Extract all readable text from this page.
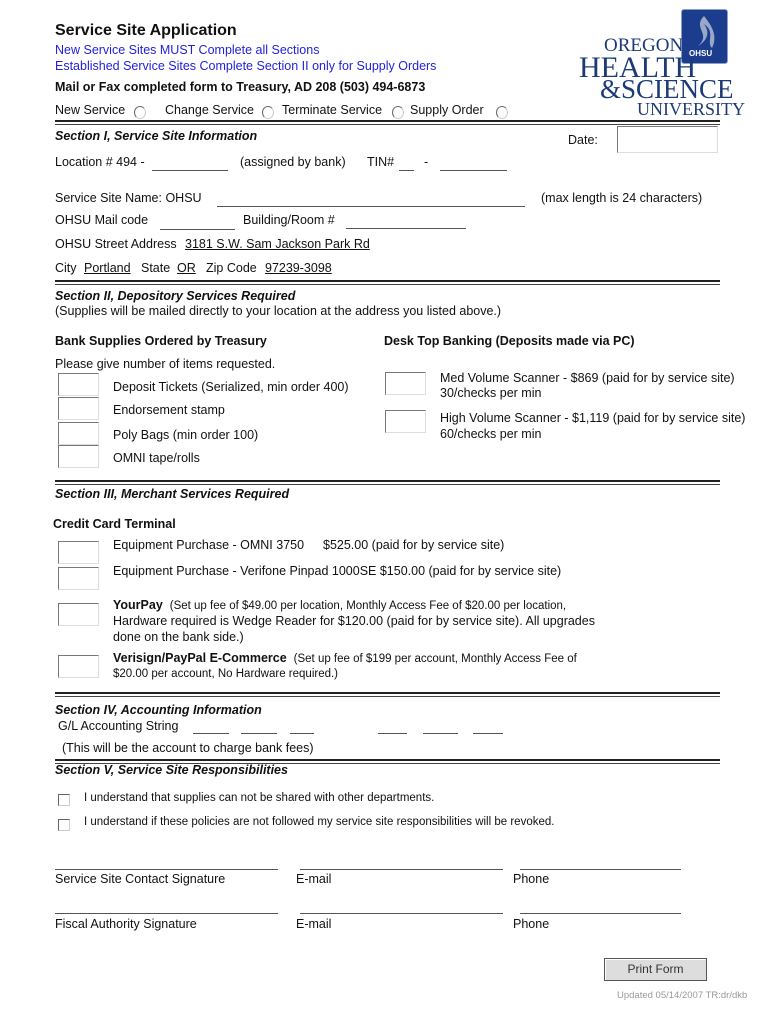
Service Site Application
New Service Sites MUST Complete all Sections
Established Service Sites Complete Section II only for Supply Orders
Mail or Fax completed form to Treasury, AD 208 (503) 494-6873
New Service	Change Service Terminate Service Supply Order
OHSU
OREGON
HEALTH
&SCIENCE
UNIVERSITY
Section I, Service Site Information	Date:
Location # 494 -	(assigned by bank) TIN# -
Service Site Name: OHSU	(max length is 24 characters)
OHSU Mail code	Building/Room #
OHSU Street Address 3181 S.W. Sam Jackson Park Rd
City Portland State OR Zip Code 97239-3098
Section II, Depository Services Required
(Supplies will be mailed directly to your location at the address you listed above.)
Bank Supplies Ordered by Treasury	Desk Top Banking (Deposits made via PC)
Please give number of items requested.
Deposit Tickets (Serialized, min order 400)
Endorsement stamp
Poly Bags (min order 100)
OMNI tape/rolls
Med Volume Scanner - $869 (paid for by service site)
30/checks per min
High Volume Scanner - $1,119 (paid for by service site)
60/checks per min
Section III, Merchant Services Required
Credit Card Terminal
Equipment Purchase - OMNI 3750 $525.00 (paid for by service site)
Equipment Purchase - Verifone Pinpad 1000SE $150.00 (paid for by service site)
YourPay (Set up fee of $49.00 per location, Monthly Access Fee of $20.00 per location,
Hardware required is Wedge Reader for $120.00 (paid for by service site). All upgrades
done on the bank side.)
Verisign/PayPal E-Commerce (Set up fee of $199 per account, Monthly Access Fee of
$20.00 per account, No Hardware required.)
Section IV, Accounting Information
G/L Accounting String
(This will be the account to charge bank fees)
Section V, Service Site Responsibilities
I understand that supplies can not be shared with other departments.
I understand if these policies are not followed my service site responsibilities will be revoked.
Service Site Contact Signature	E-mail	Phone
Fiscal Authority Signature	E-mail	Phone
Print Form
Updated 05/14/2007 TR:dr/dkb
